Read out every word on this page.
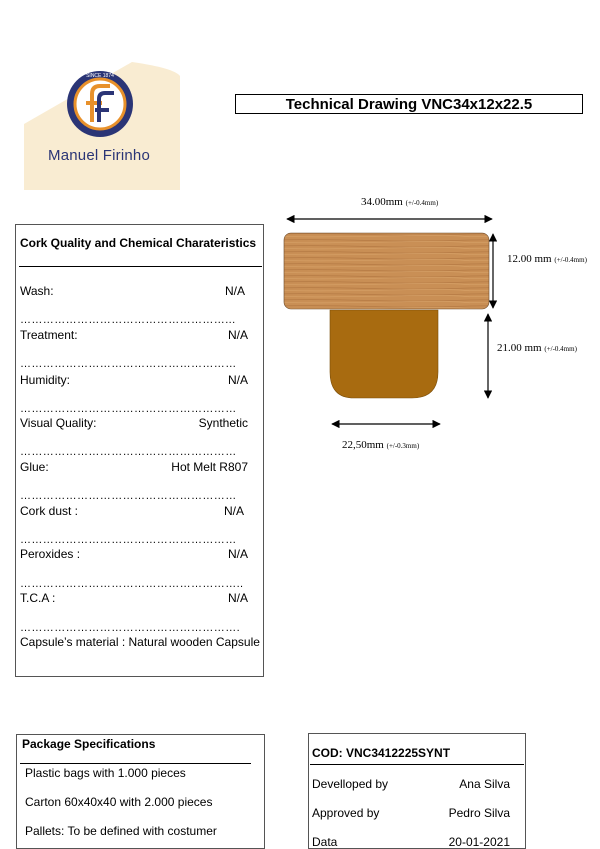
SINCE 1874
Manuel Firinho
Technical Drawing VNC34x12x22.5
Cork Quality and Chemical Charateristics
Wash:	N/A
………………………………………………...
Treatment:	N/A
…………………………………………………
Humidity:	N/A
…………………………………………………
Visual Quality:	Synthetic
…………………………………………………
Glue:	Hot Melt R807
…………………………………………………
Cork dust :	N/A
…………………………………………………
Peroxides :	N/A
…………………………………………………..
T.C.A :	N/A
………………………………………………….
Capsule’s material : Natural wooden Capsule
34.00mm (+/-0.4mm)
12.00 mm (+/-0.4mm)
21.00 mm (+/-0.4mm)
22,50mm (+/-0.3mm)
Package Specifications
Plastic bags with 1.000 pieces
Carton 60x40x40 with 2.000 pieces
Pallets: To be defined with costumer
COD: VNC3412225SYNT
Develloped by	Ana Silva
Approved by	Pedro Silva
Data	20-01-2021
